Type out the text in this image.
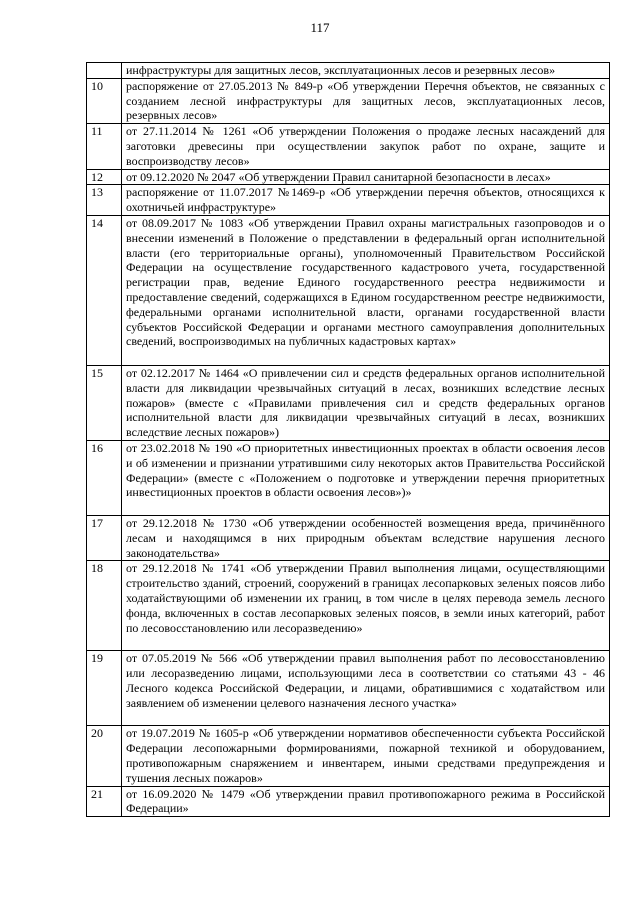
117
	инфраструктуры для защитных лесов, эксплуатационных лесов и резервных лесов»
10	распоряжение от 27.05.2013 № 849-р «Об утверждении Перечня объектов, не связанных с созданием лесной инфраструктуры для защитных лесов, эксплуатационных лесов, резервных лесов»
11	от 27.11.2014 № 1261 «Об утверждении Положения о продаже лесных насаждений для заготовки древесины при осуществлении закупок работ по охране, защите и воспроизводству лесов»
12	от 09.12.2020 № 2047 «Об утверждении Правил санитарной безопасности в лесах»
13	распоряжение от 11.07.2017 №1469-р «Об утверждении перечня объектов, относящихся к охотничьей инфраструктуре»
14	от 08.09.2017 № 1083 «Об утверждении Правил охраны магистральных газопроводов и о внесении изменений в Положение о представлении в федеральный орган исполнительной власти (его территориальные органы), уполномоченный Правительством Российской Федерации на осуществление государственного кадастрового учета, государственной регистрации прав, ведение Единого государственного реестра недвижимости и предоставление сведений, содержащихся в Едином государственном реестре недвижимости, федеральными органами исполнительной власти, органами государственной власти субъектов Российской Федерации и органами местного самоуправления дополнительных сведений, воспроизводимых на публичных кадастровых картах»
15	от 02.12.2017 № 1464 «О привлечении сил и средств федеральных органов исполнительной власти для ликвидации чрезвычайных ситуаций в лесах, возникших вследствие лесных пожаров» (вместе с «Правилами привлечения сил и средств федеральных органов исполнительной власти для ликвидации чрезвычайных ситуаций в лесах, возникших вследствие лесных пожаров»)
16	от 23.02.2018 № 190 «О приоритетных инвестиционных проектах в области освоения лесов и об изменении и признании утратившими силу некоторых актов Правительства Российской Федерации» (вместе с «Положением о подготовке и утверждении перечня приоритетных инвестиционных проектов в области освоения лесов»)»
17	от 29.12.2018 № 1730 «Об утверждении особенностей возмещения вреда, причинённого лесам и находящимся в них природным объектам вследствие нарушения лесного законодательства»
18	от 29.12.2018 № 1741 «Об утверждении Правил выполнения лицами, осуществляющими строительство зданий, строений, сооружений в границах лесопарковых зеленых поясов либо ходатайствующими об изменении их границ, в том числе в целях перевода земель лесного фонда, включенных в состав лесопарковых зеленых поясов, в земли иных категорий, работ по лесовосстановлению или лесоразведению»
19	от 07.05.2019 № 566 «Об утверждении правил выполнения работ по лесовосстановлению или лесоразведению лицами, использующими леса в соответствии со статьями 43 - 46 Лесного кодекса Российской Федерации, и лицами, обратившимися с ходатайством или заявлением об изменении целевого назначения лесного участка»
20	от 19.07.2019 № 1605-р «Об утверждении нормативов обеспеченности субъекта Российской Федерации лесопожарными формированиями, пожарной техникой и оборудованием, противопожарным снаряжением и инвентарем, иными средствами предупреждения и тушения лесных пожаров»
21	от 16.09.2020 № 1479 «Об утверждении правил противопожарного режима в Российской Федерации»
